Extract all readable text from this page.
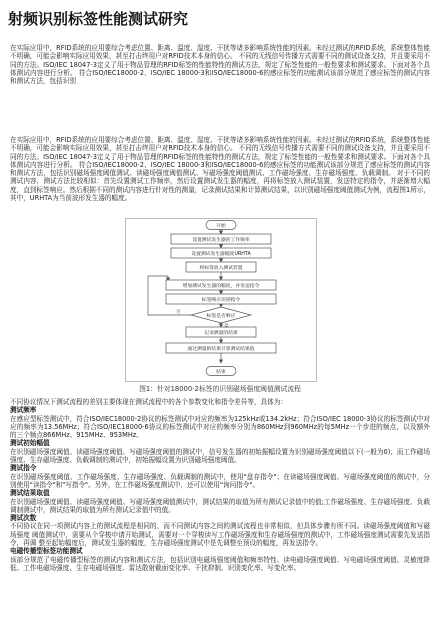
射频识别标签性能测试研究
在实际应用中，RFID系统的应用要综合考虑位置、距离、温度、湿度、干扰等诸多影响系统性能的因素。未经过测试的RFID系统，系统整体性能不明确，可能会影响实际应用效果，甚至打击终用户对RFID技术本身的信心。 不同的无线信号传播方式需要不同的测试设备支持，并且要采用不同的方法。ISO/IEC 18047-3定义了用于物品管理的RFID标签的性能特性的测试方法，规定了标签性能的一般性要求和测试要求。下面对各个具体测试内容进行分析。 符合ISO/IEC18000-2、ISO/IEC 18000-3和ISO/IEC18000-6的感应标签的功能测试该部分规范了感应标签的测试内容和测试方法，包括识别
在实际应用中，RFID系统的应用要综合考虑位置、距离、温度、湿度、干扰等诸多影响系统性能的因素。未经过测试的RFID系统，系统整体性能不明确，可能会影响实际应用效果，甚至打击终用户对RFID技术本身的信心。 不同的无线信号传播方式需要不同的测试设备支持，并且要采用不同的方法。ISO/IEC 18047-3定义了用于物品管理的RFID标签的性能特性的测试方法，规定了标签性能的一般性要求和测试要求。下面对各个具体测试内容进行分析。 符合ISO/IEC18000-2、ISO/IEC 18000-3和ISO/IEC18000-6的感应标签的功能测试该部分规范了感应标签的测试内容和测试方法，包括识别磁场强度阈值测试、读磁场强度阈值测试、写磁场强度阈值测试、工作磁场强度、生存磁场强度、负载调制。 对于不同的测试内容，测试方法比较相似：首先设置测试工作频率，然后设置测试发生器的幅度，再将标签放入测试装置，发送特定的指令，并逐渐增大幅度，直到标签响应。然后根据不同的测试内容进行针对性的测量，记录测试结果和计算测试结果，以识别磁场强度阈值测试为例，流程图1所示，其中，URHTA为当前波形发生器的幅度。
开始
设置测试发生器的工作频率
设置测试发生器幅度URHTA
将标签放入测试装置
增加测试发生器的幅度，并发送指令
标签响应识别指令
标签是否响应
记录测量的结果
通过测量的结果计算测试结果值
结束
是
否
图1：针对18000-2标签的识别磁场强度阈值测试流程
不同协议情况下测试流程的差别主要体现在测试流程中的各个参数变化和指令差异等，具体为：
测试频率
在感应型标签测试中，符合ISO/IEC18000-2协议的标签测试中对应的频率为125kHz或134.2kHz；符合ISO/IEC 18000-3协议的标签测试中对应的频率为13.56MHz；符合ISO/IEC18000-6协议的标签测试中对应的频率分别为860MHz到960MHz的每5MHz一个步进的频点，以及额外的三个频点866MHz、915MHz、953MHz。
测试初始幅值
在识别磁场强度阈值、读磁场强度阈值、写磁场强度阈值的测试中，信号发生器的初始振幅设置为识别磁场强度阈值以下(一般为0)；而工作磁场强度、生存磁场强度、负载调制的测试中，初始振幅设置为识别磁场强度阈值。
测试指令
在识别磁场强度阈值、工作磁场强度、生存磁场强度、负载调制的测试中，使用"盘存指令"；在读磁场强度阈值、写磁场强度阈值的测试中，分别使用"读指令"和"写指令"。另外，在工作磁场强度测试中，还可以使用"询问指令"。
测试结果取值
在识别磁场强度阈值、读磁场强度阈值、写磁场强度阈值测试中，测试结果的取值为所有测试记录值中的值;工作磁场强度、生存磁场强度、负载调制测试中，测试结果的取值为所有测试记录值中的值。
测试次数
不同协议在同一项测试内容上的测试流程是相同的，而不同测试内容之间的测试流程也非常相似，但具体步骤有所不同。读磁场强度阈值和写磁场强度 阈值测试中，需要从个穿梭申请开始测试，需要对一个穿梭读写工作磁场强度和生存磁场强度的测试中，工作磁场强度测试需要先发送指令，再调 整至起始幅度后，测试发生器的幅度，生存磁场强度测试中是先调整至预设的幅度，再发送指令。
电磁传播型标签功能测试
该部分规范了电磁传播型标签的测试内容和测试方法，包括识别电磁场强度阈值和频率特性、读电磁场强度阈值、写电磁场强度阈值、灵敏度降低、工作电磁场强度、生存电磁场强度、雷达散射截面变化率、干扰抑制、识别变化率、写变化率。
